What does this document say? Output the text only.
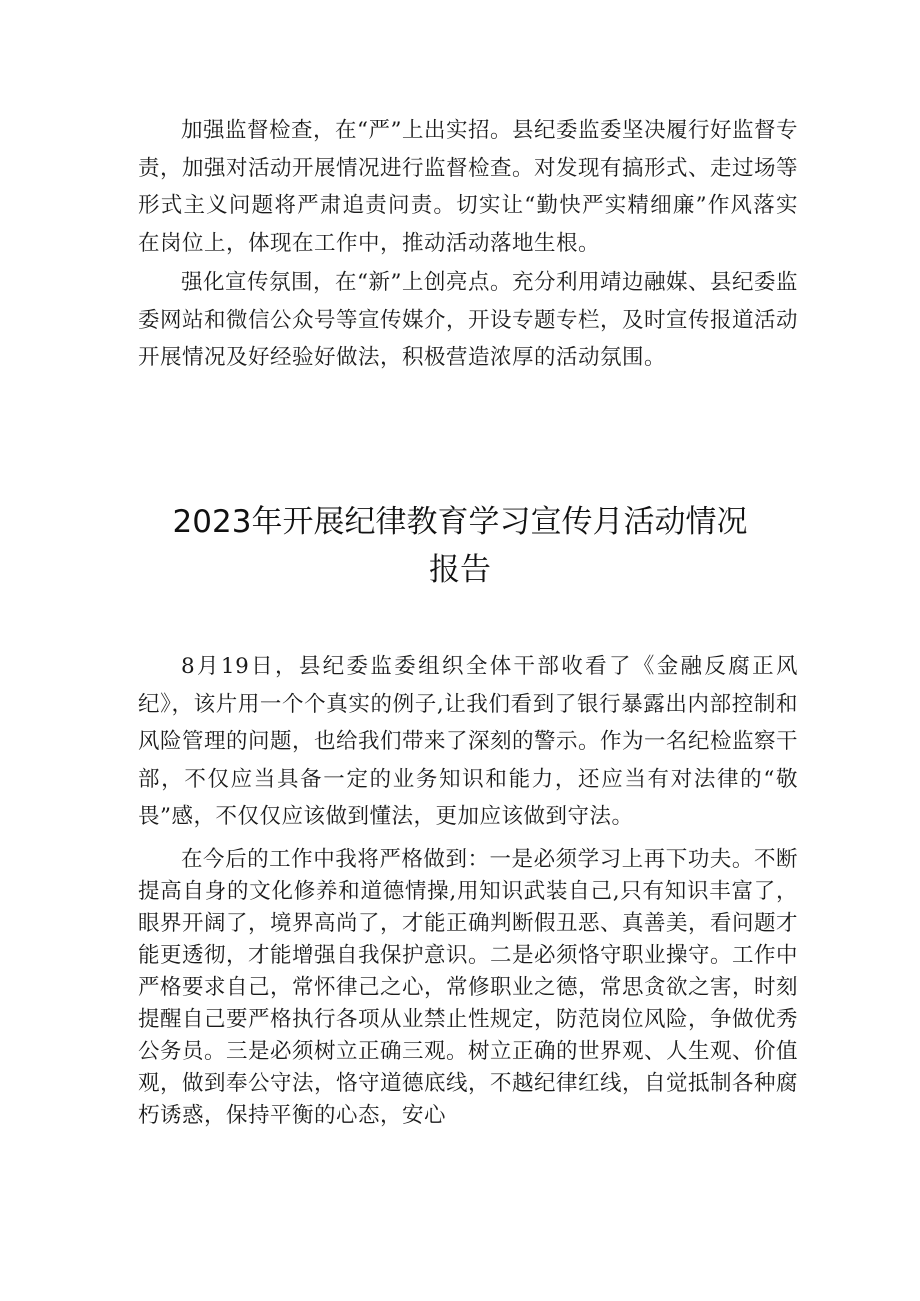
加强监督检查，在“严”上出实招。县纪委监委坚决履行好监督专责，加强对活动开展情况进行监督检查。对发现有搞形式、走过场等形式主义问题将严肃追责问责。切实让“勤快严实精细廉”作风落实在岗位上，体现在工作中，推动活动落地生根。

强化宣传氛围，在“新”上创亮点。充分利用靖边融媒、县纪委监委网站和微信公众号等宣传媒介，开设专题专栏，及时宣传报道活动开展情况及好经验好做法，积极营造浓厚的活动氛围。

2023年开展纪律教育学习宣传月活动情况
报告

8月19日，县纪委监委组织全体干部收看了《金融反腐正风纪》，该片用一个个真实的例子,让我们看到了银行暴露出内部控制和风险管理的问题，也给我们带来了深刻的警示。作为一名纪检监察干部，不仅应当具备一定的业务知识和能力，还应当有对法律的“敬畏”感，不仅仅应该做到懂法，更加应该做到守法。

在今后的工作中我将严格做到：一是必须学习上再下功夫。不断提高自身的文化修养和道德情操,用知识武装自己,只有知识丰富了，眼界开阔了，境界高尚了，才能正确判断假丑恶、真善美，看问题才能更透彻，才能增强自我保护意识。二是必须恪守职业操守。工作中严格要求自己，常怀律己之心，常修职业之德，常思贪欲之害，时刻提醒自己要严格执行各项从业禁止性规定，防范岗位风险，争做优秀公务员。三是必须树立正确三观。树立正确的世界观、人生观、价值观，做到奉公守法，恪守道德底线，不越纪律红线，自觉抵制各种腐朽诱惑，保持平衡的心态，安心
